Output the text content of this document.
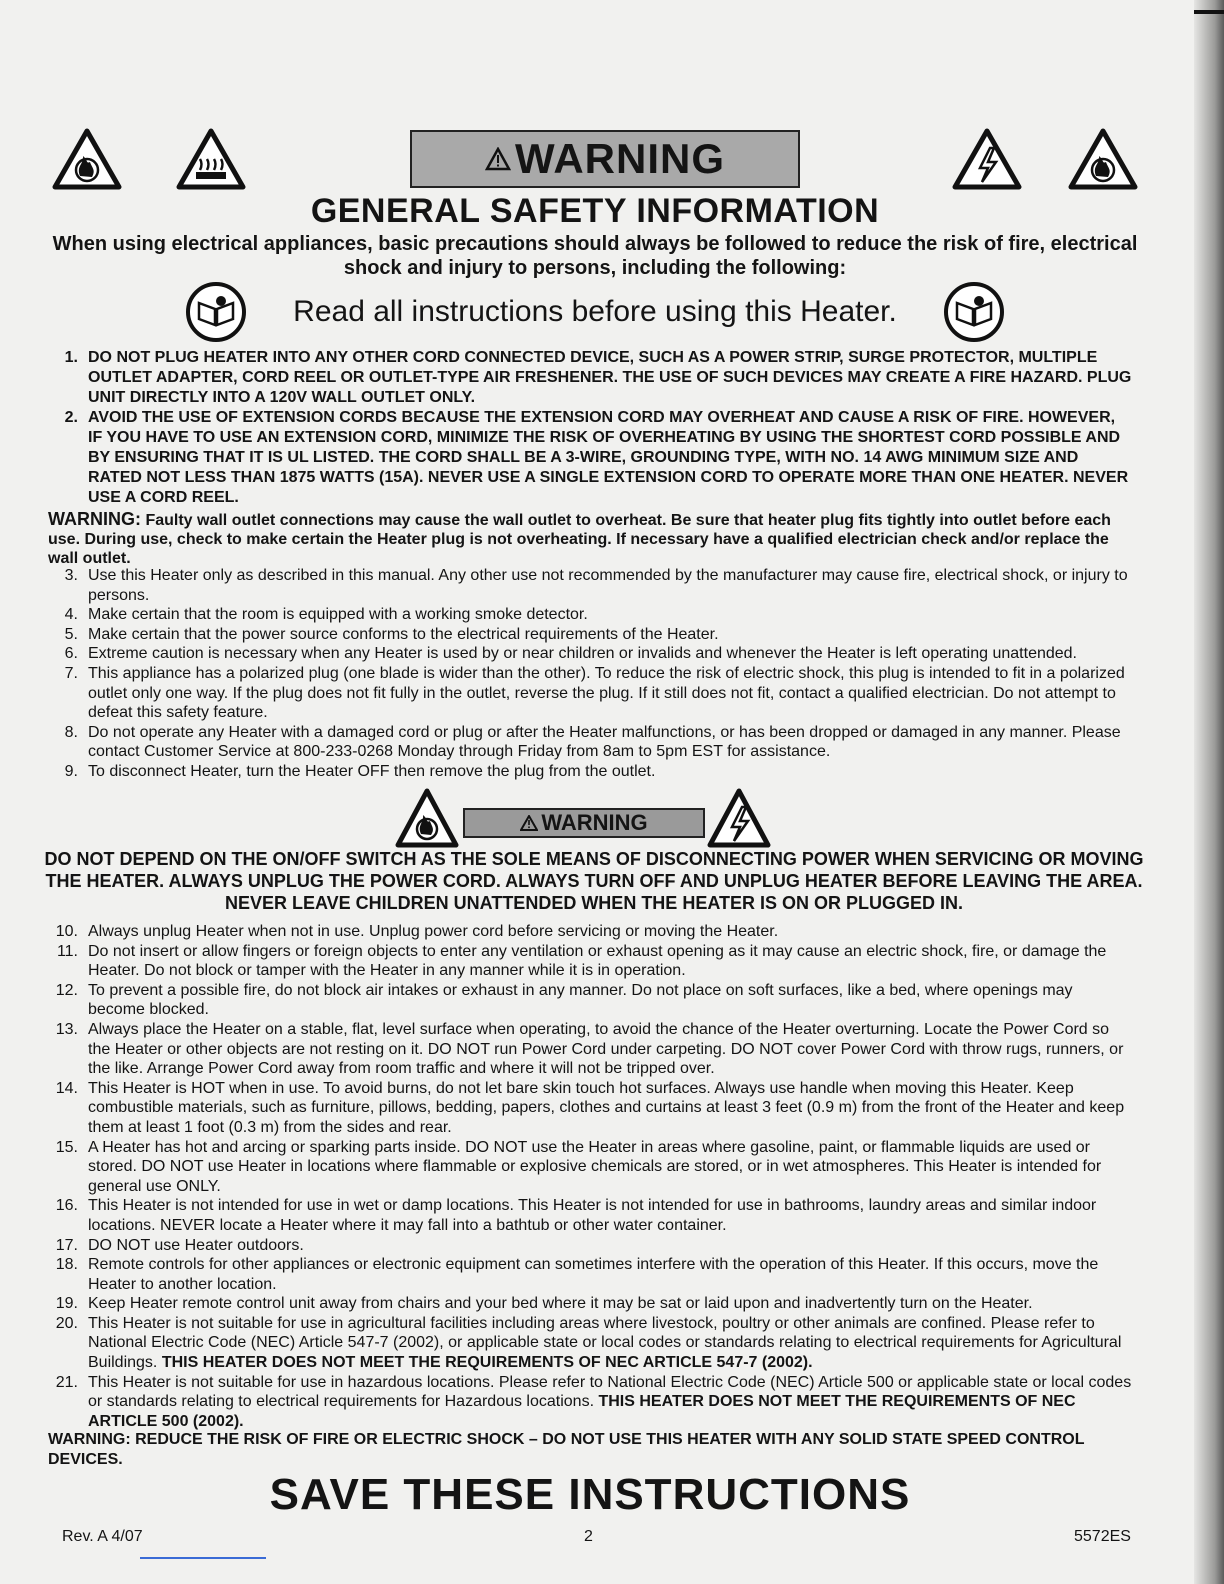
WARNING
GENERAL SAFETY INFORMATION
When using electrical appliances, basic precautions should always be followed to reduce the risk of fire, electrical shock and injury to persons, including the following:
Read all instructions before using this Heater.
1. DO NOT PLUG HEATER INTO ANY OTHER CORD CONNECTED DEVICE, SUCH AS A POWER STRIP, SURGE PROTECTOR, MULTIPLE OUTLET ADAPTER, CORD REEL OR OUTLET-TYPE AIR FRESHENER. THE USE OF SUCH DEVICES MAY CREATE A FIRE HAZARD. PLUG UNIT DIRECTLY INTO A 120V WALL OUTLET ONLY.
2. AVOID THE USE OF EXTENSION CORDS BECAUSE THE EXTENSION CORD MAY OVERHEAT AND CAUSE A RISK OF FIRE. HOWEVER, IF YOU HAVE TO USE AN EXTENSION CORD, MINIMIZE THE RISK OF OVERHEATING BY USING THE SHORTEST CORD POSSIBLE AND BY ENSURING THAT IT IS UL LISTED. THE CORD SHALL BE A 3-WIRE, GROUNDING TYPE, WITH NO. 14 AWG MINIMUM SIZE AND RATED NOT LESS THAN 1875 WATTS (15A). NEVER USE A SINGLE EXTENSION CORD TO OPERATE MORE THAN ONE HEATER. NEVER USE A CORD REEL.
WARNING: Faulty wall outlet connections may cause the wall outlet to overheat. Be sure that heater plug fits tightly into outlet before each use. During use, check to make certain the Heater plug is not overheating. If necessary have a qualified electrician check and/or replace the wall outlet.
3. Use this Heater only as described in this manual. Any other use not recommended by the manufacturer may cause fire, electrical shock, or injury to persons.
4. Make certain that the room is equipped with a working smoke detector.
5. Make certain that the power source conforms to the electrical requirements of the Heater.
6. Extreme caution is necessary when any Heater is used by or near children or invalids and whenever the Heater is left operating unattended.
7. This appliance has a polarized plug (one blade is wider than the other). To reduce the risk of electric shock, this plug is intended to fit in a polarized outlet only one way. If the plug does not fit fully in the outlet, reverse the plug. If it still does not fit, contact a qualified electrician. Do not attempt to defeat this safety feature.
8. Do not operate any Heater with a damaged cord or plug or after the Heater malfunctions, or has been dropped or damaged in any manner. Please contact Customer Service at 800-233-0268 Monday through Friday from 8am to 5pm EST for assistance.
9. To disconnect Heater, turn the Heater OFF then remove the plug from the outlet.
WARNING
DO NOT DEPEND ON THE ON/OFF SWITCH AS THE SOLE MEANS OF DISCONNECTING POWER WHEN SERVICING OR MOVING THE HEATER. ALWAYS UNPLUG THE POWER CORD. ALWAYS TURN OFF AND UNPLUG HEATER BEFORE LEAVING THE AREA. NEVER LEAVE CHILDREN UNATTENDED WHEN THE HEATER IS ON OR PLUGGED IN.
10. Always unplug Heater when not in use. Unplug power cord before servicing or moving the Heater.
11. Do not insert or allow fingers or foreign objects to enter any ventilation or exhaust opening as it may cause an electric shock, fire, or damage the Heater. Do not block or tamper with the Heater in any manner while it is in operation.
12. To prevent a possible fire, do not block air intakes or exhaust in any manner. Do not place on soft surfaces, like a bed, where openings may become blocked.
13. Always place the Heater on a stable, flat, level surface when operating, to avoid the chance of the Heater overturning. Locate the Power Cord so the Heater or other objects are not resting on it. DO NOT run Power Cord under carpeting. DO NOT cover Power Cord with throw rugs, runners, or the like. Arrange Power Cord away from room traffic and where it will not be tripped over.
14. This Heater is HOT when in use. To avoid burns, do not let bare skin touch hot surfaces. Always use handle when moving this Heater. Keep combustible materials, such as furniture, pillows, bedding, papers, clothes and curtains at least 3 feet (0.9 m) from the front of the Heater and keep them at least 1 foot (0.3 m) from the sides and rear.
15. A Heater has hot and arcing or sparking parts inside. DO NOT use the Heater in areas where gasoline, paint, or flammable liquids are used or stored. DO NOT use Heater in locations where flammable or explosive chemicals are stored, or in wet atmospheres. This Heater is intended for general use ONLY.
16. This Heater is not intended for use in wet or damp locations. This Heater is not intended for use in bathrooms, laundry areas and similar indoor locations. NEVER locate a Heater where it may fall into a bathtub or other water container.
17. DO NOT use Heater outdoors.
18. Remote controls for other appliances or electronic equipment can sometimes interfere with the operation of this Heater. If this occurs, move the Heater to another location.
19. Keep Heater remote control unit away from chairs and your bed where it may be sat or laid upon and inadvertently turn on the Heater.
20. This Heater is not suitable for use in agricultural facilities including areas where livestock, poultry or other animals are confined. Please refer to National Electric Code (NEC) Article 547-7 (2002), or applicable state or local codes or standards relating to electrical requirements for Agricultural Buildings. THIS HEATER DOES NOT MEET THE REQUIREMENTS OF NEC ARTICLE 547-7 (2002).
21. This Heater is not suitable for use in hazardous locations. Please refer to National Electric Code (NEC) Article 500 or applicable state or local codes or standards relating to electrical requirements for Hazardous locations. THIS HEATER DOES NOT MEET THE REQUIREMENTS OF NEC ARTICLE 500 (2002).
WARNING: REDUCE THE RISK OF FIRE OR ELECTRIC SHOCK – DO NOT USE THIS HEATER WITH ANY SOLID STATE SPEED CONTROL DEVICES.
SAVE THESE INSTRUCTIONS
Rev. A 4/07	2	5572ES
